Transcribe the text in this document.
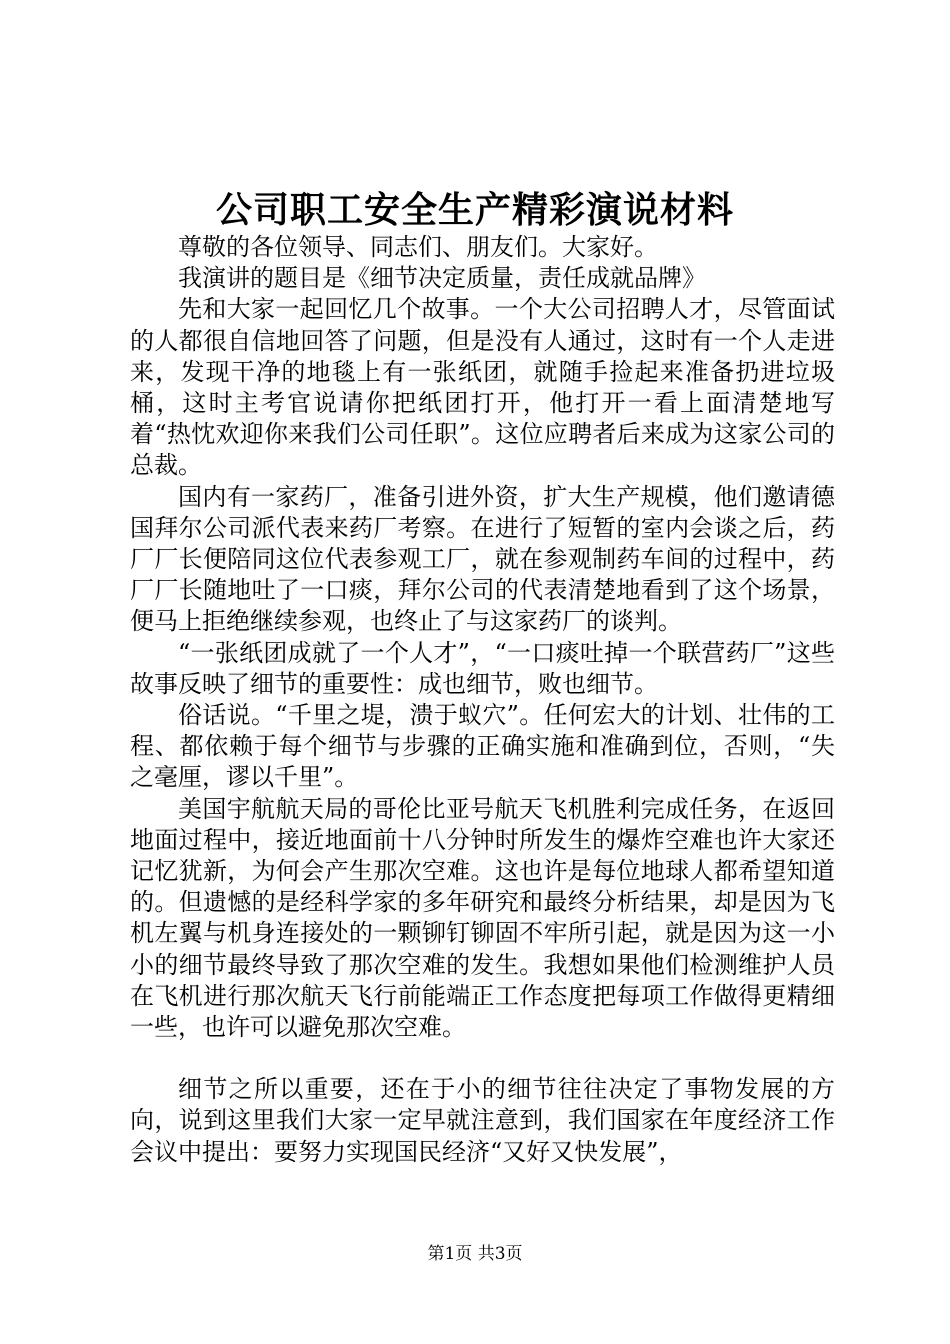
公司职工安全生产精彩演说材料

尊敬的各位领导、同志们、朋友们。大家好。

我演讲的题目是《细节决定质量，责任成就品牌》

先和大家一起回忆几个故事。一个大公司招聘人才，尽管面试的人都很自信地回答了问题，但是没有人通过，这时有一个人走进来，发现干净的地毯上有一张纸团，就随手捡起来准备扔进垃圾桶，这时主考官说请你把纸团打开，他打开一看上面清楚地写着“热忱欢迎你来我们公司任职”。这位应聘者后来成为这家公司的总裁。

国内有一家药厂，准备引进外资，扩大生产规模，他们邀请德国拜尔公司派代表来药厂考察。在进行了短暂的室内会谈之后，药厂厂长便陪同这位代表参观工厂，就在参观制药车间的过程中，药厂厂长随地吐了一口痰，拜尔公司的代表清楚地看到了这个场景，便马上拒绝继续参观，也终止了与这家药厂的谈判。

“一张纸团成就了一个人才”，“一口痰吐掉一个联营药厂”这些故事反映了细节的重要性：成也细节，败也细节。

俗话说。“千里之堤，溃于蚁穴”。任何宏大的计划、壮伟的工程、都依赖于每个细节与步骤的正确实施和准确到位，否则，“失之毫厘，谬以千里”。

美国宇航航天局的哥伦比亚号航天飞机胜利完成任务，在返回地面过程中，接近地面前十八分钟时所发生的爆炸空难也许大家还记忆犹新，为何会产生那次空难。这也许是每位地球人都希望知道的。但遗憾的是经科学家的多年研究和最终分析结果，却是因为飞机左翼与机身连接处的一颗铆钉铆固不牢所引起，就是因为这一小小的细节最终导致了那次空难的发生。我想如果他们检测维护人员在飞机进行那次航天飞行前能端正工作态度把每项工作做得更精细一些，也许可以避免那次空难。

细节之所以重要，还在于小的细节往往决定了事物发展的方向，说到这里我们大家一定早就注意到，我们国家在年度经济工作会议中提出：要努力实现国民经济“又好又快发展”，

第1页 共3页
